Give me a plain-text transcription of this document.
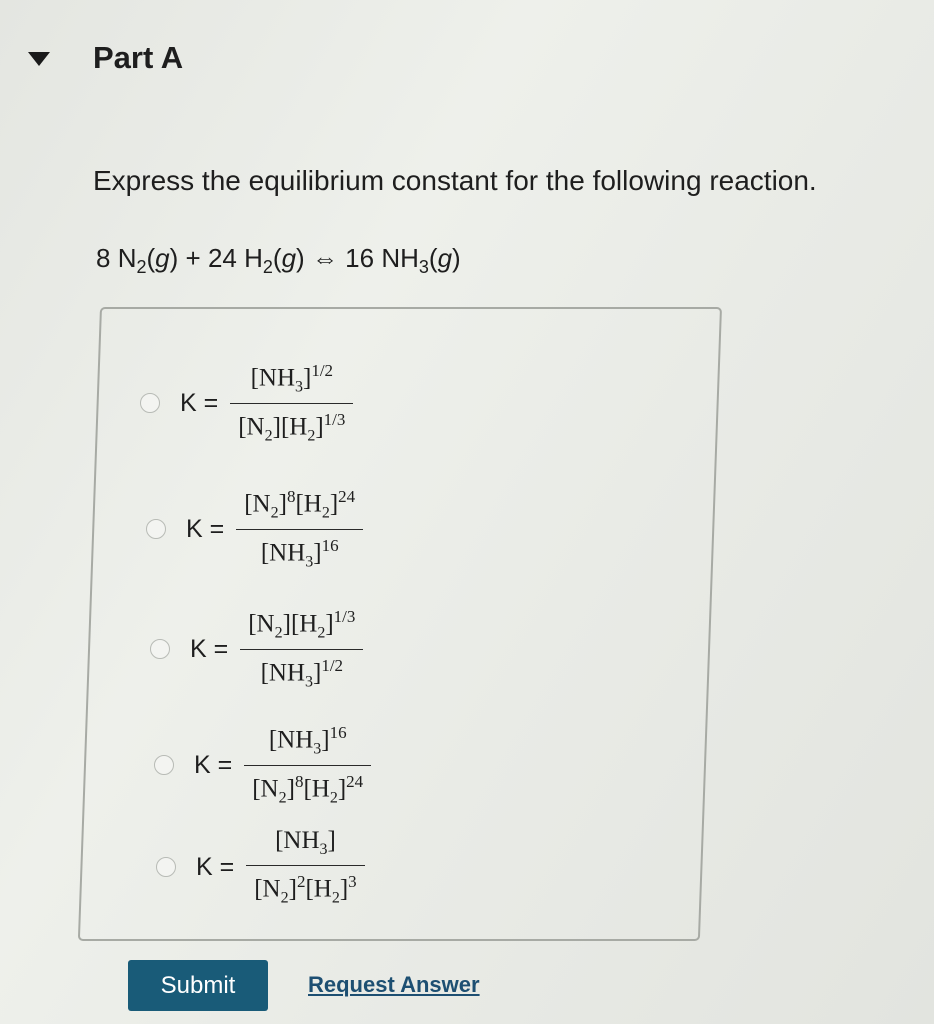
Part A
Express the equilibrium constant for the following reaction.
8 $N_2(g) + 24$ $H_2(g)$ ⇔ 16 $NH_3(g)$
$K = \frac{[NH_3]^{1/2}}{[N_2][H_2]^{1/3}}$
$K = \frac{[N_2]^8[H_2]^{24}}{[NH_3]^{16}}$
$K = \frac{[N_2][H_2]^{1/3}}{[NH_3]^{1/2}}$
$K = \frac{[NH_3]^{16}}{[N_2]^8[H_2]^{24}}$
$K = \frac{[NH_3]}{[N_2]^2[H_2]^3}$
Submit	Request Answer
